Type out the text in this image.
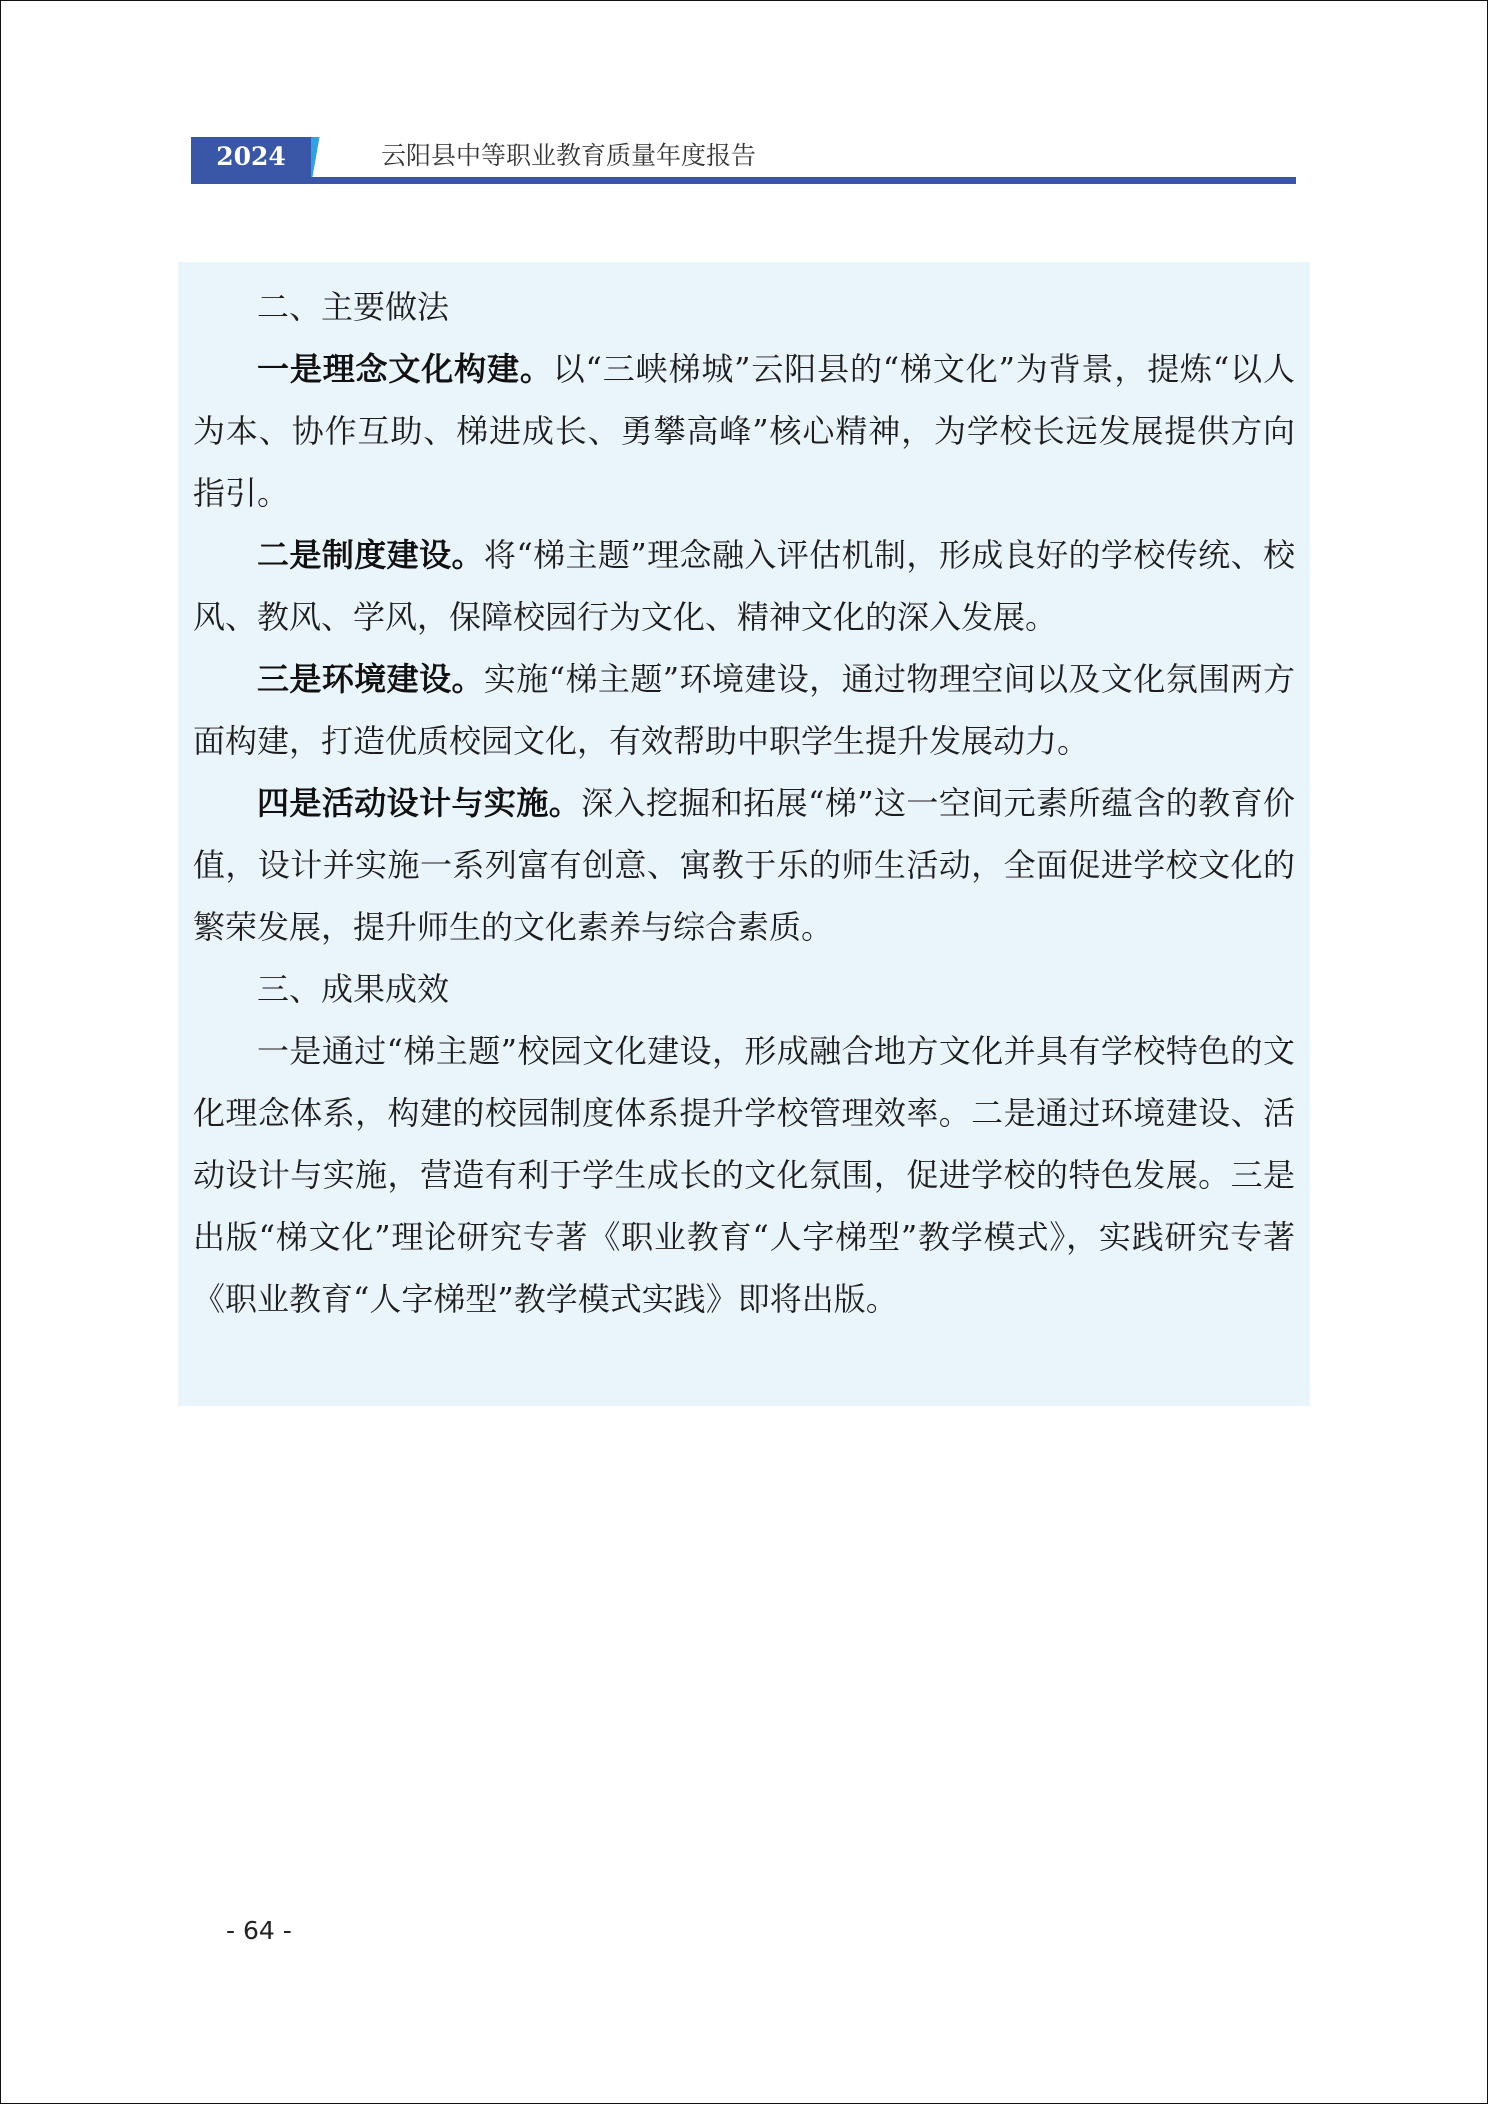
2024	云阳县中等职业教育质量年度报告

二、主要做法

一是理念文化构建。以“三峡梯城”云阳县的“梯文化”为背景，提炼“以人为本、协作互助、梯进成长、勇攀高峰”核心精神，为学校长远发展提供方向指引。

二是制度建设。将“梯主题”理念融入评估机制，形成良好的学校传统、校风、教风、学风，保障校园行为文化、精神文化的深入发展。

三是环境建设。实施“梯主题”环境建设，通过物理空间以及文化氛围两方面构建，打造优质校园文化，有效帮助中职学生提升发展动力。

四是活动设计与实施。深入挖掘和拓展“梯”这一空间元素所蕴含的教育价值，设计并实施一系列富有创意、寓教于乐的师生活动，全面促进学校文化的繁荣发展，提升师生的文化素养与综合素质。

三、成果成效

一是通过“梯主题”校园文化建设，形成融合地方文化并具有学校特色的文化理念体系，构建的校园制度体系提升学校管理效率。二是通过环境建设、活动设计与实施，营造有利于学生成长的文化氛围，促进学校的特色发展。三是出版“梯文化”理论研究专著《职业教育“人字梯型”教学模式》，实践研究专著《职业教育“人字梯型”教学模式实践》即将出版。

- 64 -
